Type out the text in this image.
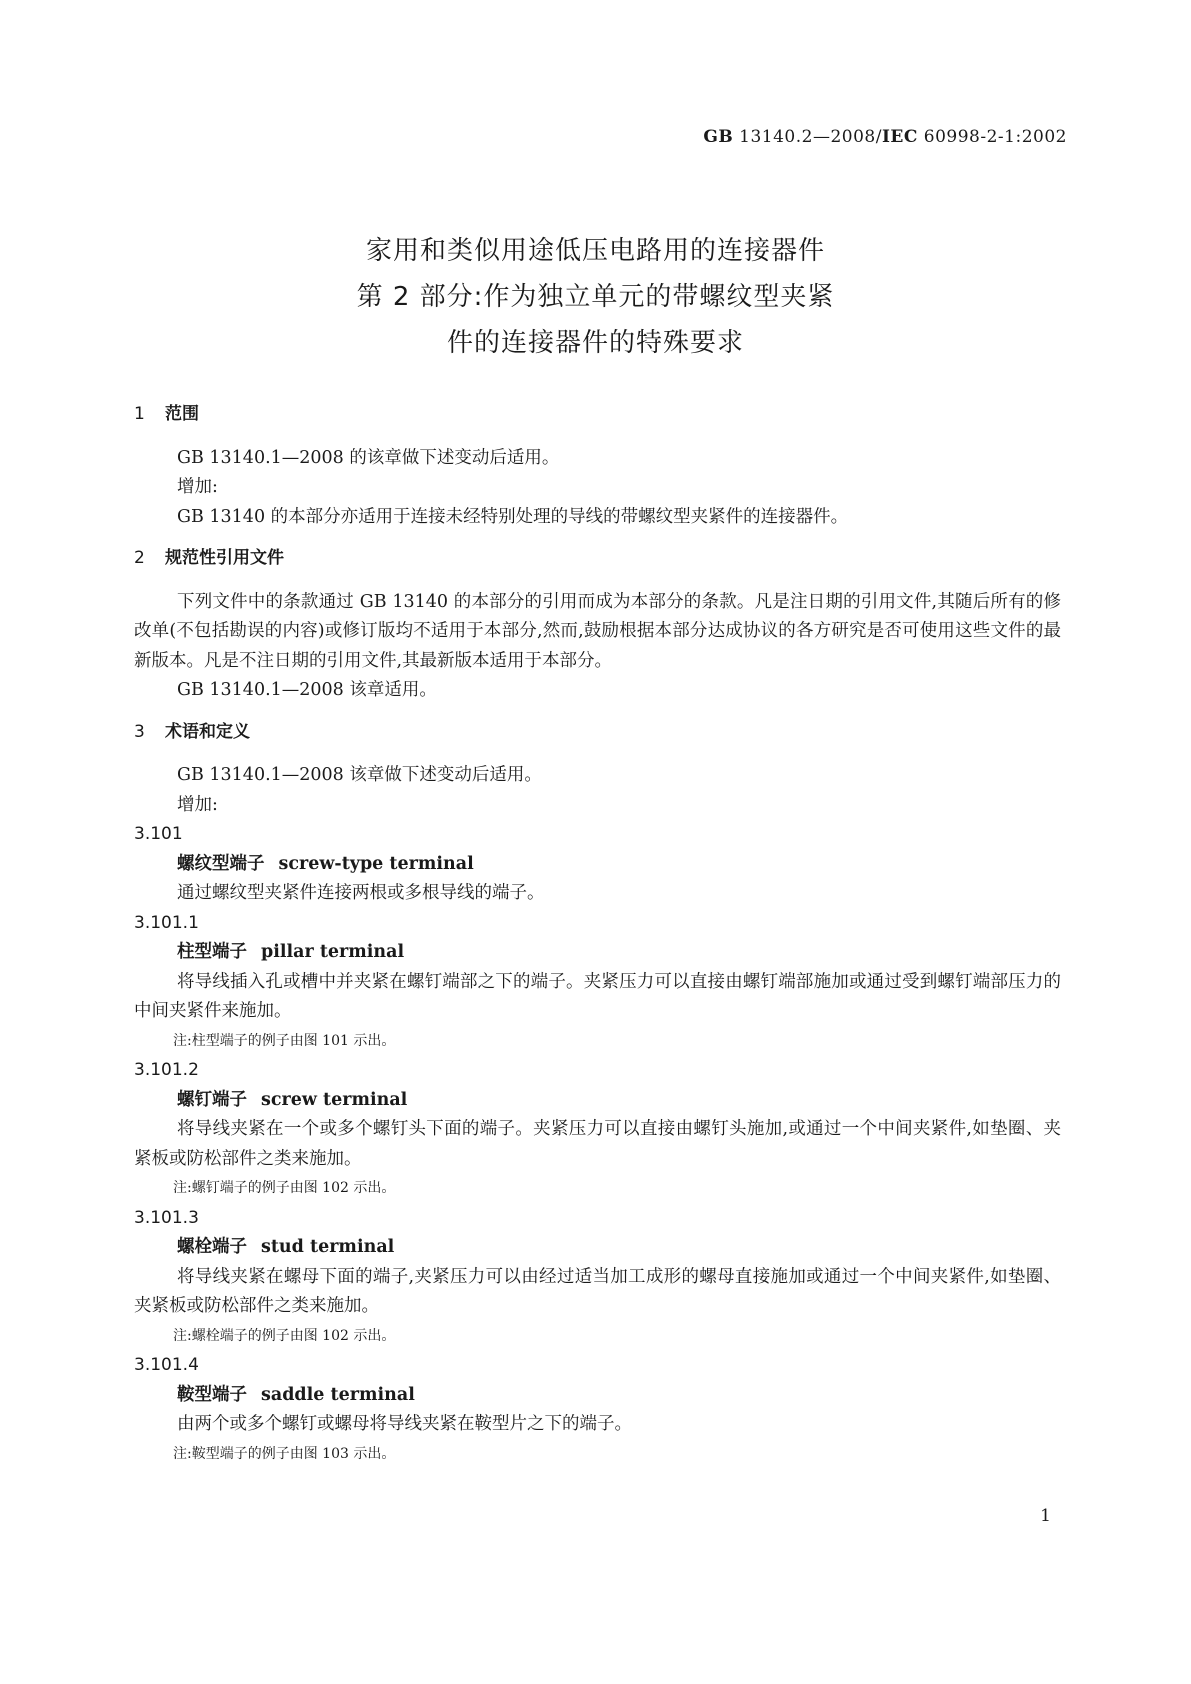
GB 13140.2—2008/IEC 60998-2-1:2002
家用和类似用途低压电路用的连接器件
第 2 部分:作为独立单元的带螺纹型夹紧
件的连接器件的特殊要求
1 范围
GB 13140.1—2008 的该章做下述变动后适用。
增加:
GB 13140 的本部分亦适用于连接未经特别处理的导线的带螺纹型夹紧件的连接器件。
2 规范性引用文件
下列文件中的条款通过 GB 13140 的本部分的引用而成为本部分的条款。凡是注日期的引用文件,其随后所有的修改单(不包括勘误的内容)或修订版均不适用于本部分,然而,鼓励根据本部分达成协议的各方研究是否可使用这些文件的最新版本。凡是不注日期的引用文件,其最新版本适用于本部分。
GB 13140.1—2008 该章适用。
3 术语和定义
GB 13140.1—2008 该章做下述变动后适用。
增加:
3.101
螺纹型端子 screw-type terminal
通过螺纹型夹紧件连接两根或多根导线的端子。
3.101.1
柱型端子 pillar terminal
将导线插入孔或槽中并夹紧在螺钉端部之下的端子。夹紧压力可以直接由螺钉端部施加或通过受到螺钉端部压力的中间夹紧件来施加。
注:柱型端子的例子由图 101 示出。
3.101.2
螺钉端子 screw terminal
将导线夹紧在一个或多个螺钉头下面的端子。夹紧压力可以直接由螺钉头施加,或通过一个中间夹紧件,如垫圈、夹紧板或防松部件之类来施加。
注:螺钉端子的例子由图 102 示出。
3.101.3
螺栓端子 stud terminal
将导线夹紧在螺母下面的端子,夹紧压力可以由经过适当加工成形的螺母直接施加或通过一个中间夹紧件,如垫圈、夹紧板或防松部件之类来施加。
注:螺栓端子的例子由图 102 示出。
3.101.4
鞍型端子 saddle terminal
由两个或多个螺钉或螺母将导线夹紧在鞍型片之下的端子。
注:鞍型端子的例子由图 103 示出。
1
